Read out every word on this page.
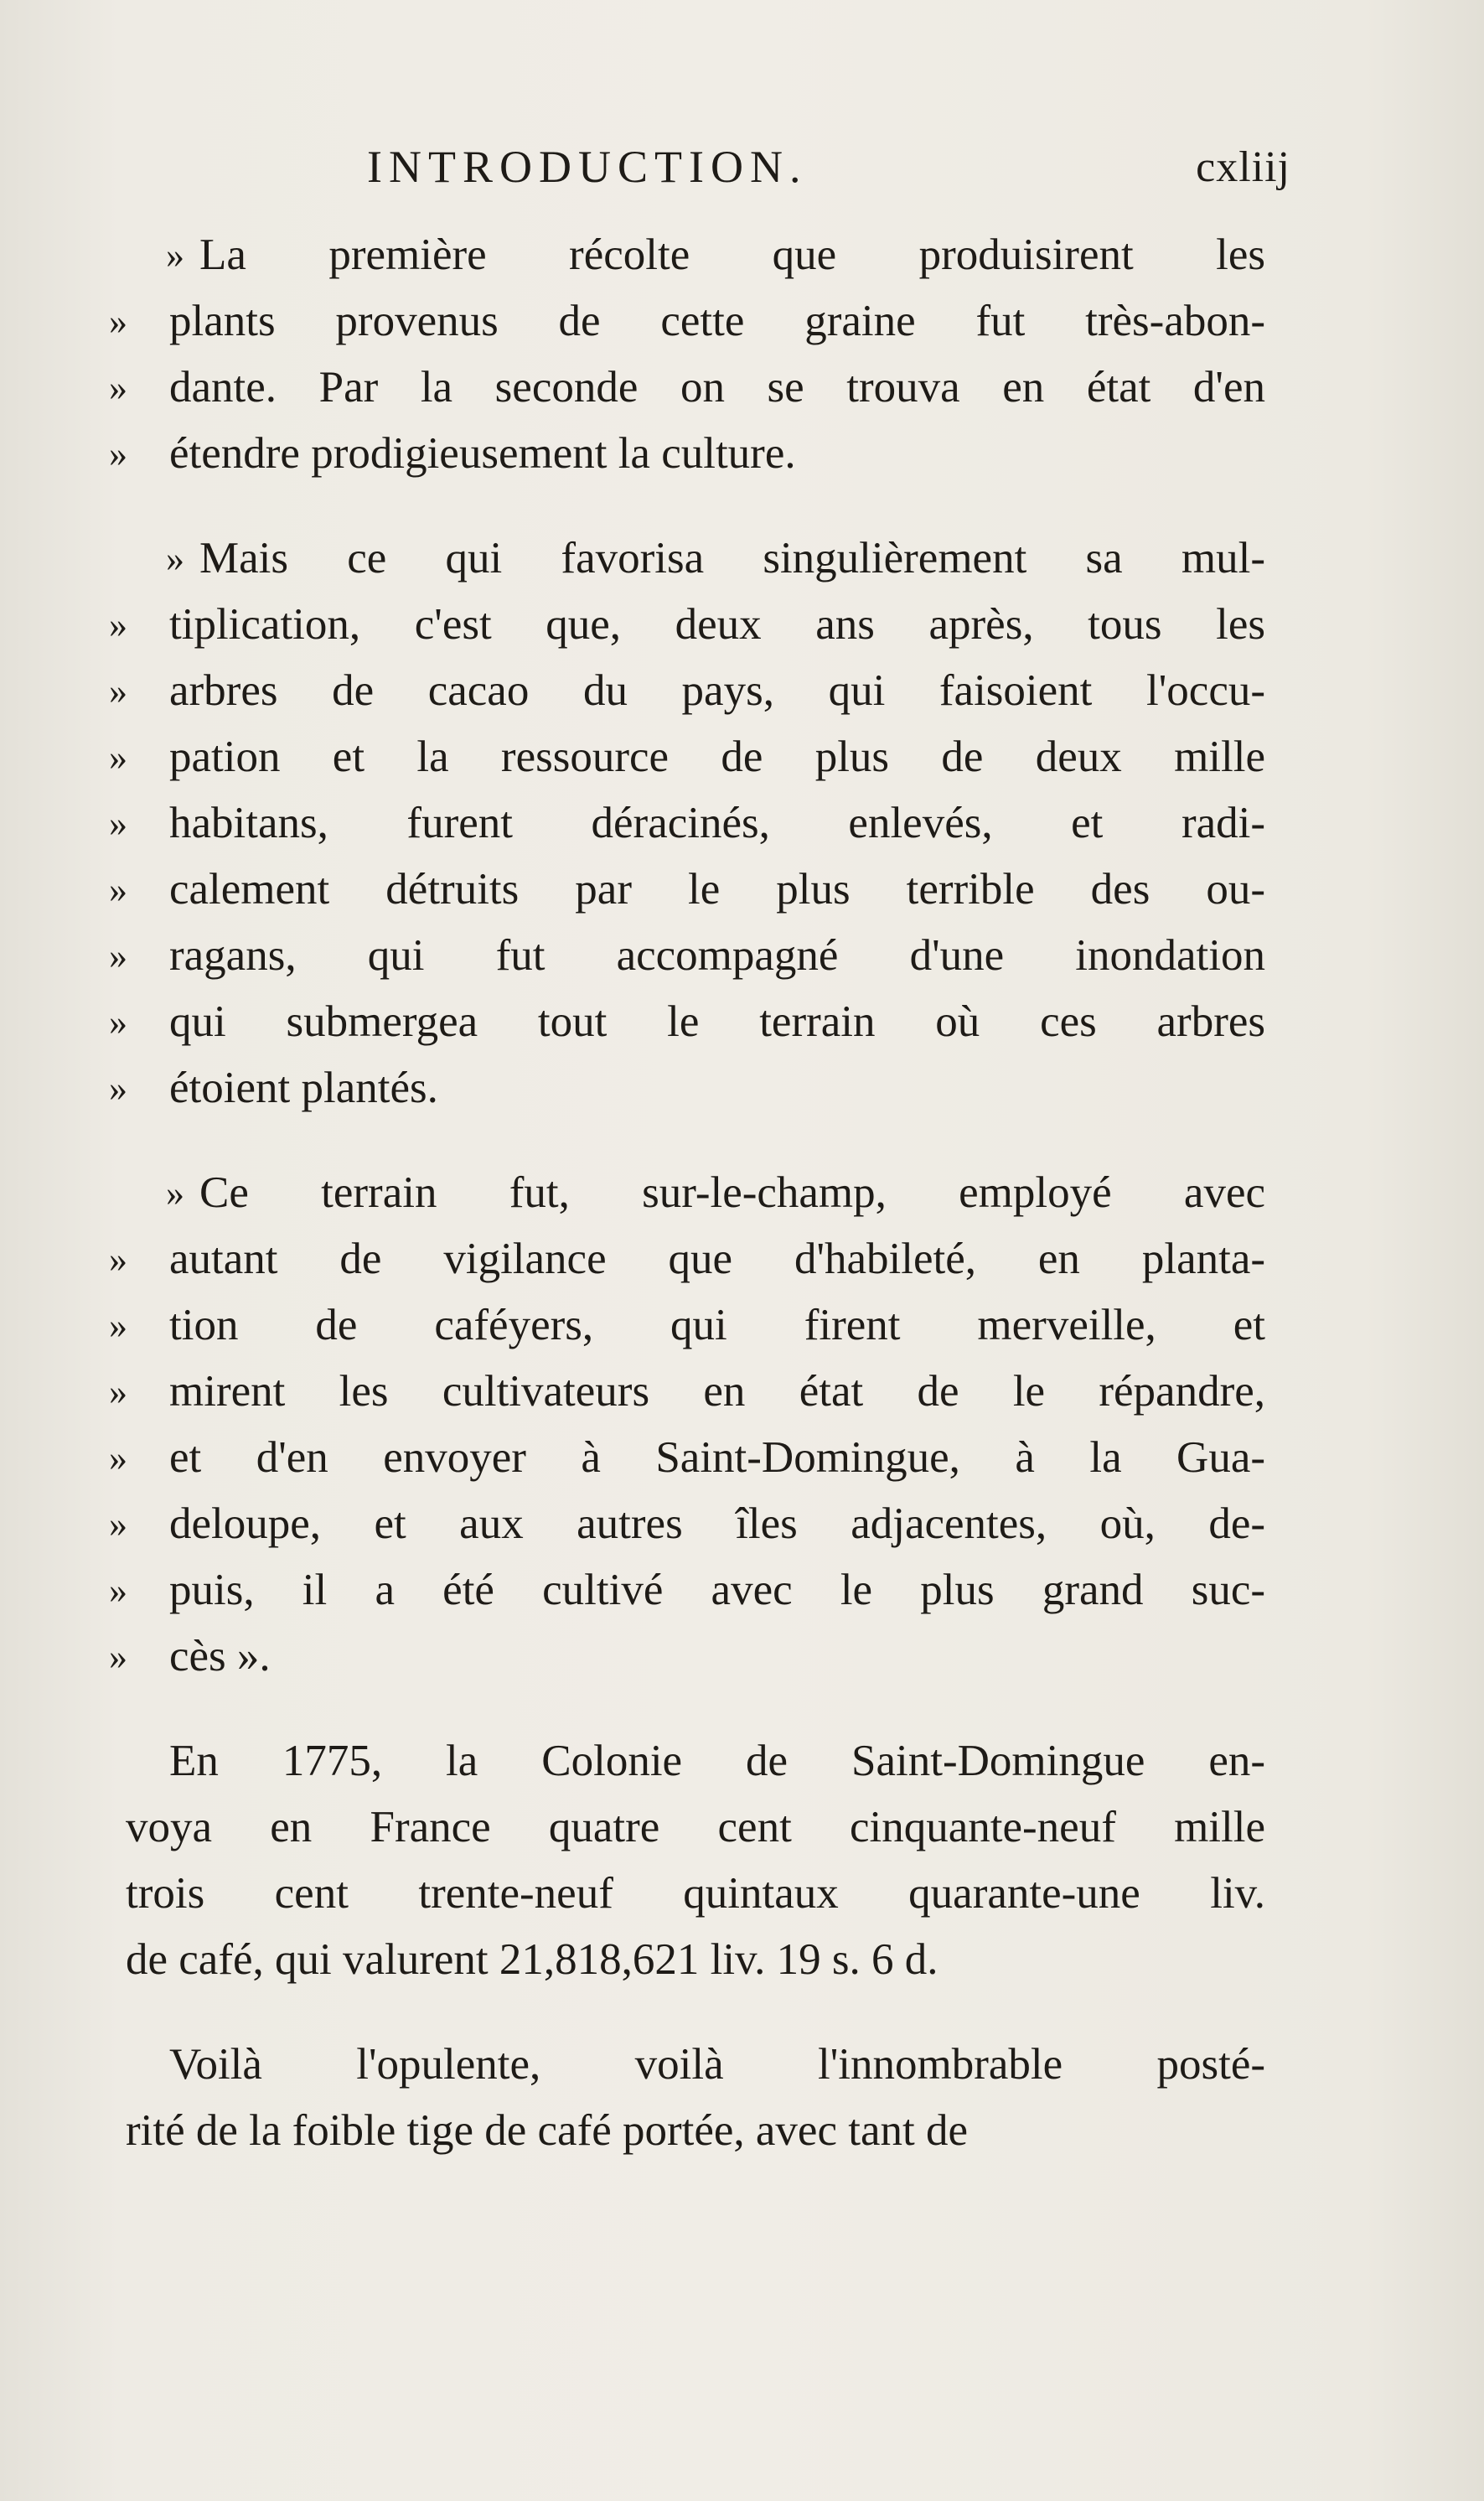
INTRODUCTION.	cxliij
» La première récolte que produisirent les
» plants provenus de cette graine fut très-abon-
» dante. Par la seconde on se trouva en état d'en
» étendre prodigieusement la culture.
» Mais ce qui favorisa singulièrement sa mul-
» tiplication, c'est que, deux ans après, tous les
» arbres de cacao du pays, qui faisoient l'occu-
» pation et la ressource de plus de deux mille
» habitans, furent déracinés, enlevés, et radi-
» calement détruits par le plus terrible des ou-
» ragans, qui fut accompagné d'une inondation
» qui submergea tout le terrain où ces arbres
» étoient plantés.
» Ce terrain fut, sur-le-champ, employé avec
» autant de vigilance que d'habileté, en planta-
» tion de caféyers, qui firent merveille, et
» mirent les cultivateurs en état de le répandre,
» et d'en envoyer à Saint-Domingue, à la Gua-
» deloupe, et aux autres îles adjacentes, où, de-
» puis, il a été cultivé avec le plus grand suc-
» cès ».
En 1775, la Colonie de Saint-Domingue en-
voya en France quatre cent cinquante-neuf mille
trois cent trente-neuf quintaux quarante-une liv.
de café, qui valurent 21,818,621 liv. 19 s. 6 d.
Voilà l'opulente, voilà l'innombrable posté-
rité de la foible tige de café portée, avec tant de
